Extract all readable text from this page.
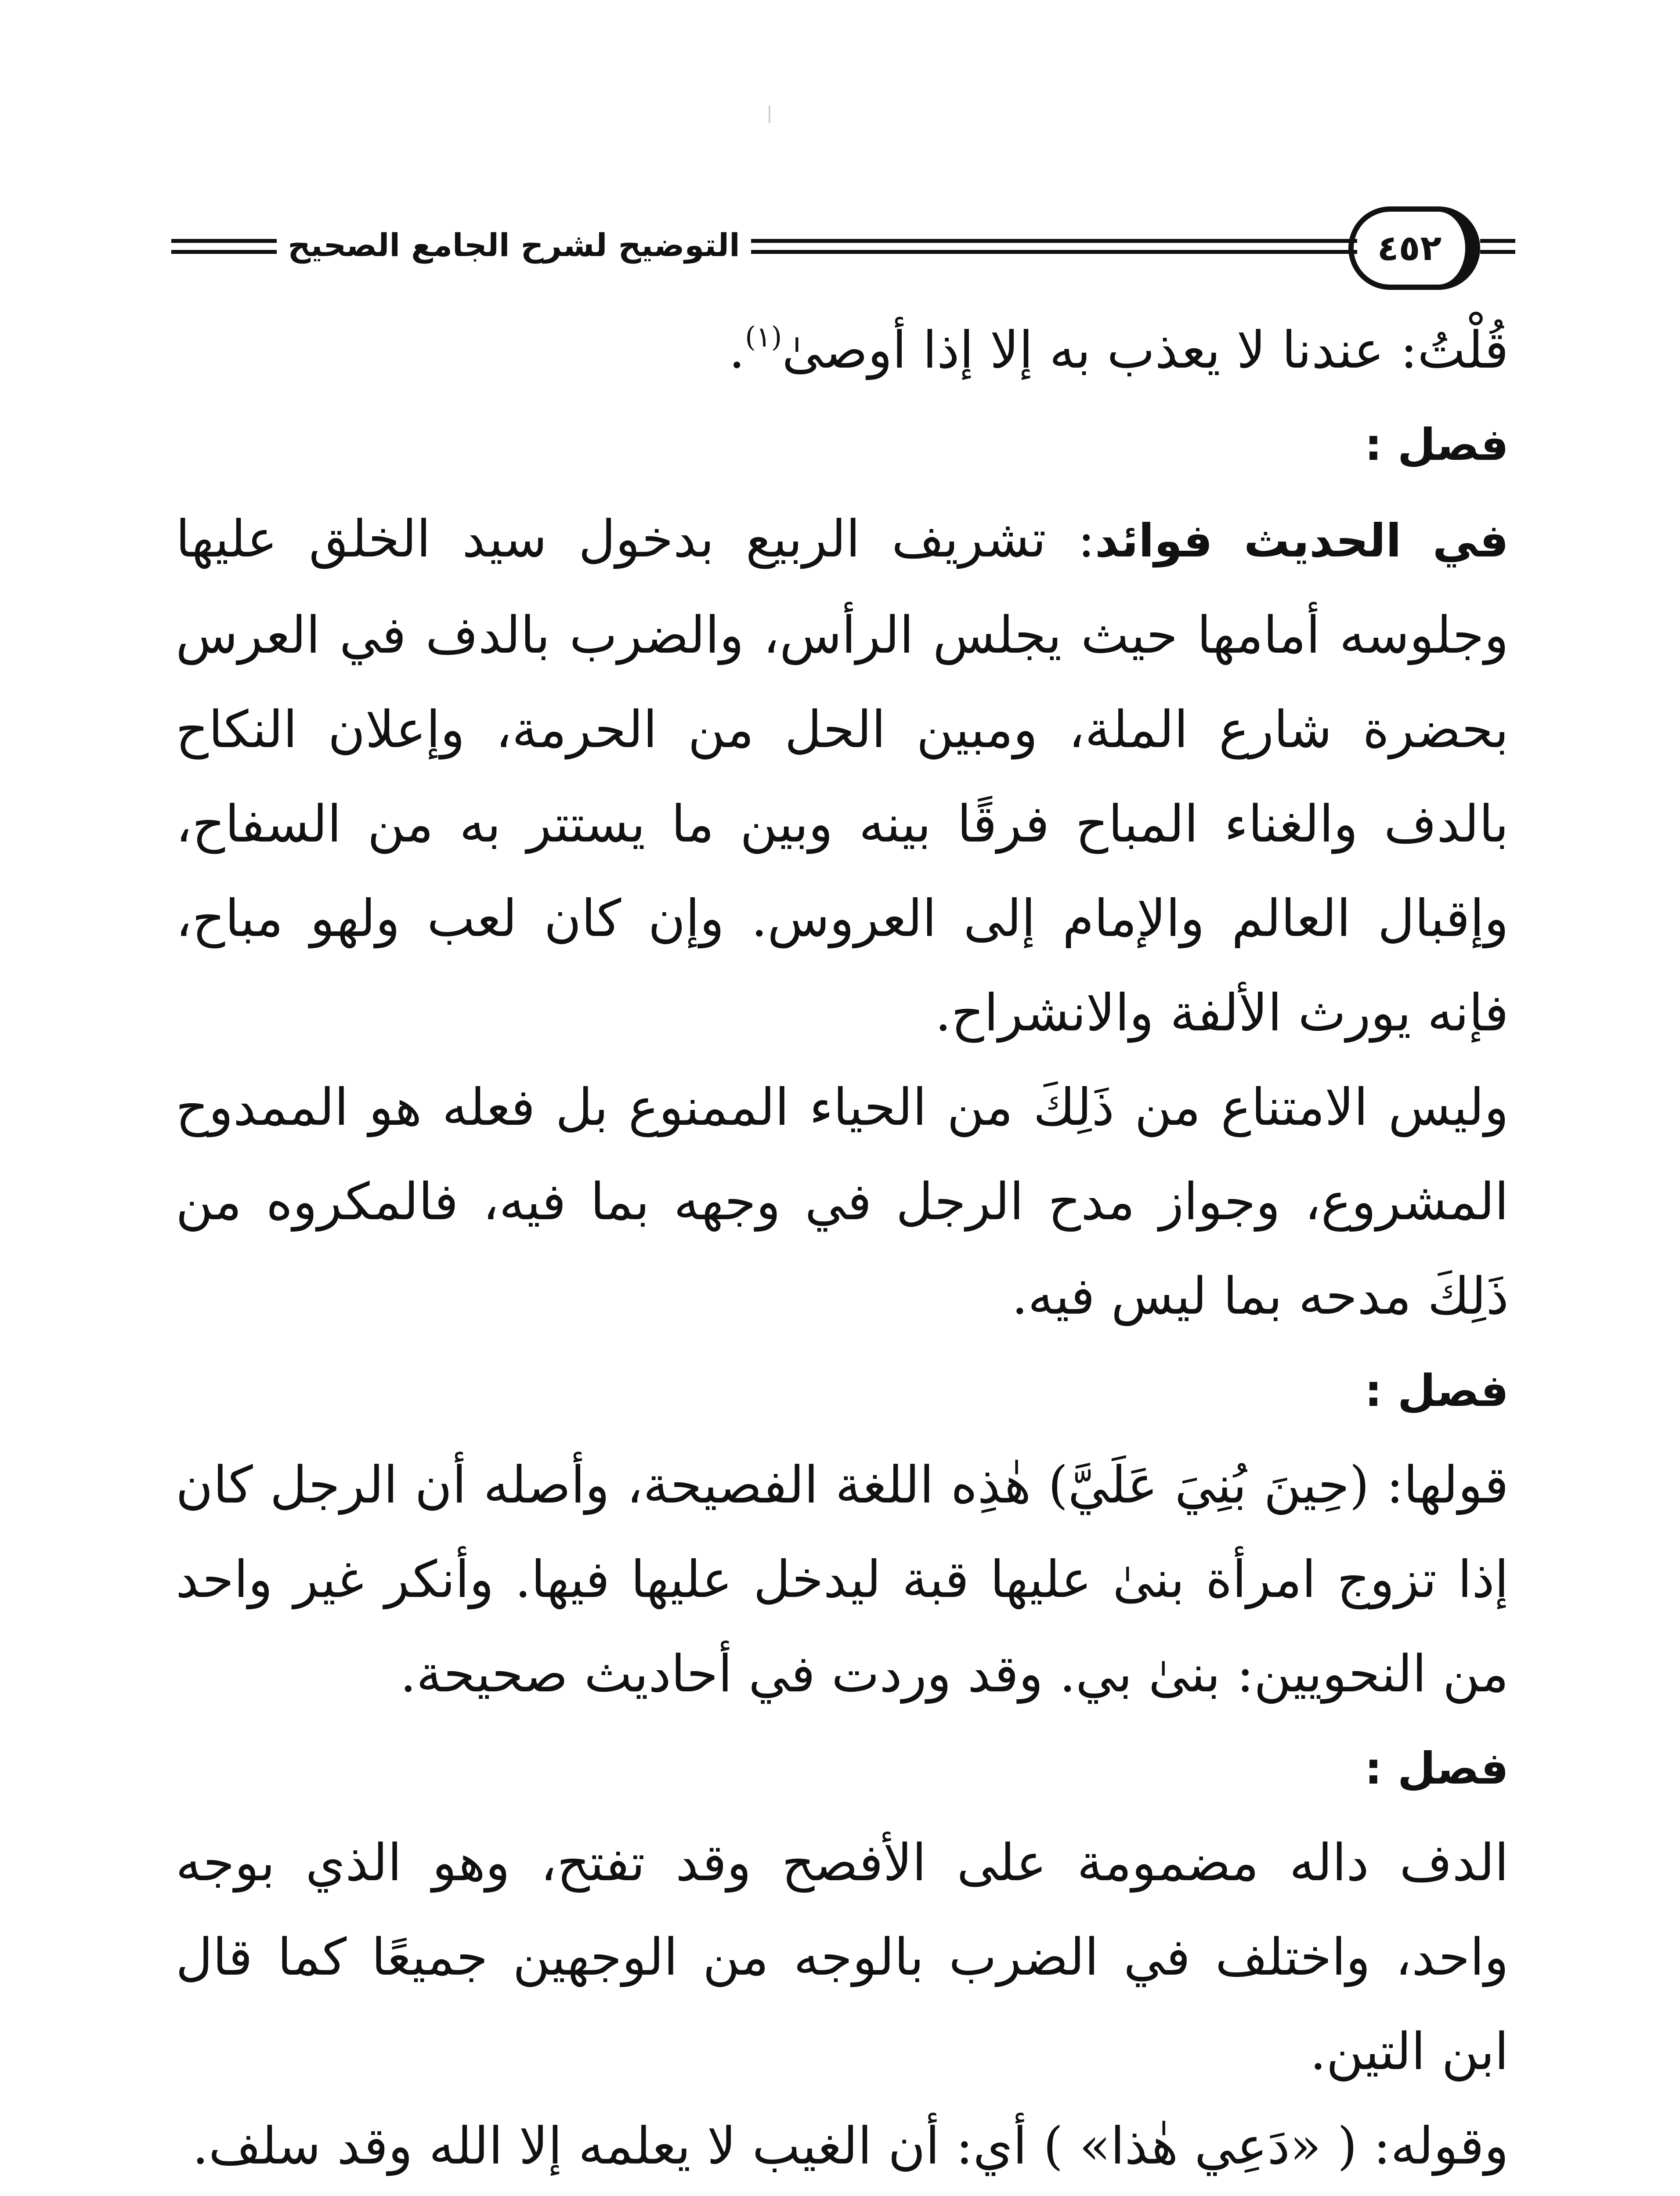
التوضيح لشرح الجامع الصحيح	٤٥٢

قُلْتُ: عندنا لا يعذب به إلا إذا أوصىٰ$^{(١)}$.

فصل :

في الحديث فوائد: تشريف الربيع بدخول سيد الخلق عليها وجلوسه أمامها حيث يجلس الرأس، والضرب بالدف في العرس بحضرة شارع الملة، ومبين الحل من الحرمة، وإعلان النكاح بالدف والغناء المباح فرقًا بينه وبين ما يستتر به من السفاح، وإقبال العالم والإمام إلى العروس. وإن كان لعب ولهو مباح، فإنه يورث الألفة والانشراح.

وليس الامتناع من ذَلِكَ من الحياء الممنوع بل فعله هو الممدوح المشروع، وجواز مدح الرجل في وجهه بما فيه، فالمكروه من ذَلِكَ مدحه بما ليس فيه.

فصل :

قولها: (حِينَ بُنِيَ عَلَيَّ) هٰذِه اللغة الفصيحة، وأصله أن الرجل كان إذا تزوج امرأة بنىٰ عليها قبة ليدخل عليها فيها. وأنكر غير واحد من النحويين: بنىٰ بي. وقد وردت في أحاديث صحيحة.

فصل :

الدف داله مضمومة على الأفصح وقد تفتح، وهو الذي بوجه واحد، واختلف في الضرب بالوجه من الوجهين جميعًا كما قال ابن التين.

وقوله: ( «دَعِي هٰذا» ) أي: أن الغيب لا يعلمه إلا الله وقد سلف.
